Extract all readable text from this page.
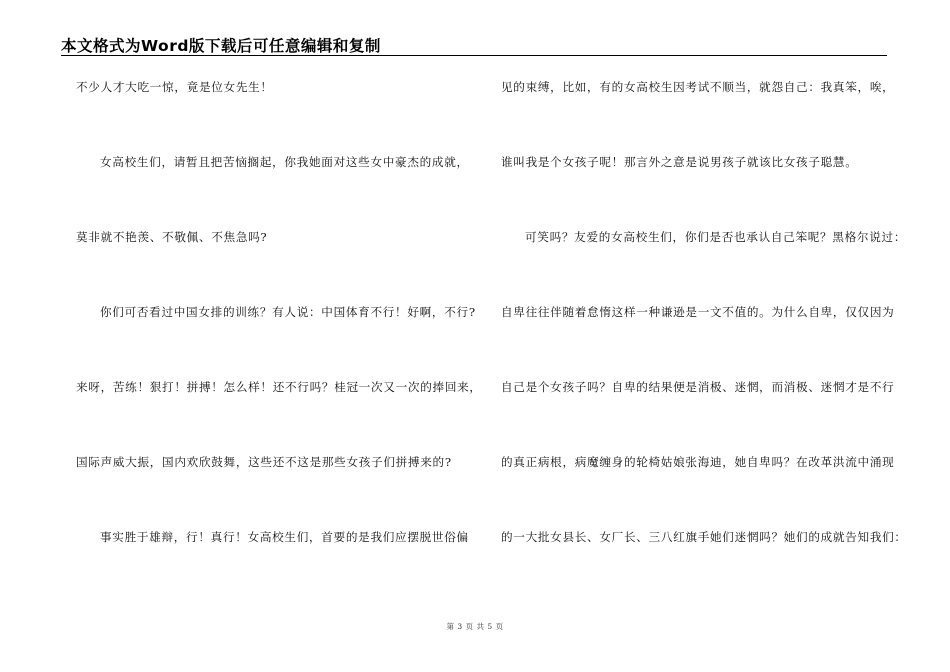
本文格式为Word版下载后可任意编辑和复制
不少人才大吃一惊，竟是位女先生！
女高校生们，请暂且把苦恼搁起，你我她面对这些女中豪杰的成就，
莫非就不艳羡、不敬佩、不焦急吗?
你们可否看过中国女排的训练？有人说：中国体育不行！好啊，不行?
来呀，苦练！狠打！拼搏！怎么样！还不行吗？桂冠一次又一次的捧回来，
国际声威大振，国内欢欣鼓舞，这些还不这是那些女孩子们拼搏来的?
事实胜于雄辩，行！真行！女高校生们，首要的是我们应摆脱世俗偏
见的束缚，比如，有的女高校生因考试不顺当，就怨自己：我真笨，唉，
谁叫我是个女孩子呢！那言外之意是说男孩子就该比女孩子聪慧。
可笑吗？友爱的女高校生们，你们是否也承认自己笨呢？黑格尔说过：
自卑往往伴随着怠惰这样一种谦逊是一文不值的。为什么自卑，仅仅因为
自己是个女孩子吗？自卑的结果便是消极、迷惘，而消极、迷惘才是不行
的真正病根，病魔缠身的轮椅姑娘张海迪，她自卑吗？在改革洪流中涌现
的一大批女县长、女厂长、三八红旗手她们迷惘吗？她们的成就告知我们：
第 3 页 共 5 页
